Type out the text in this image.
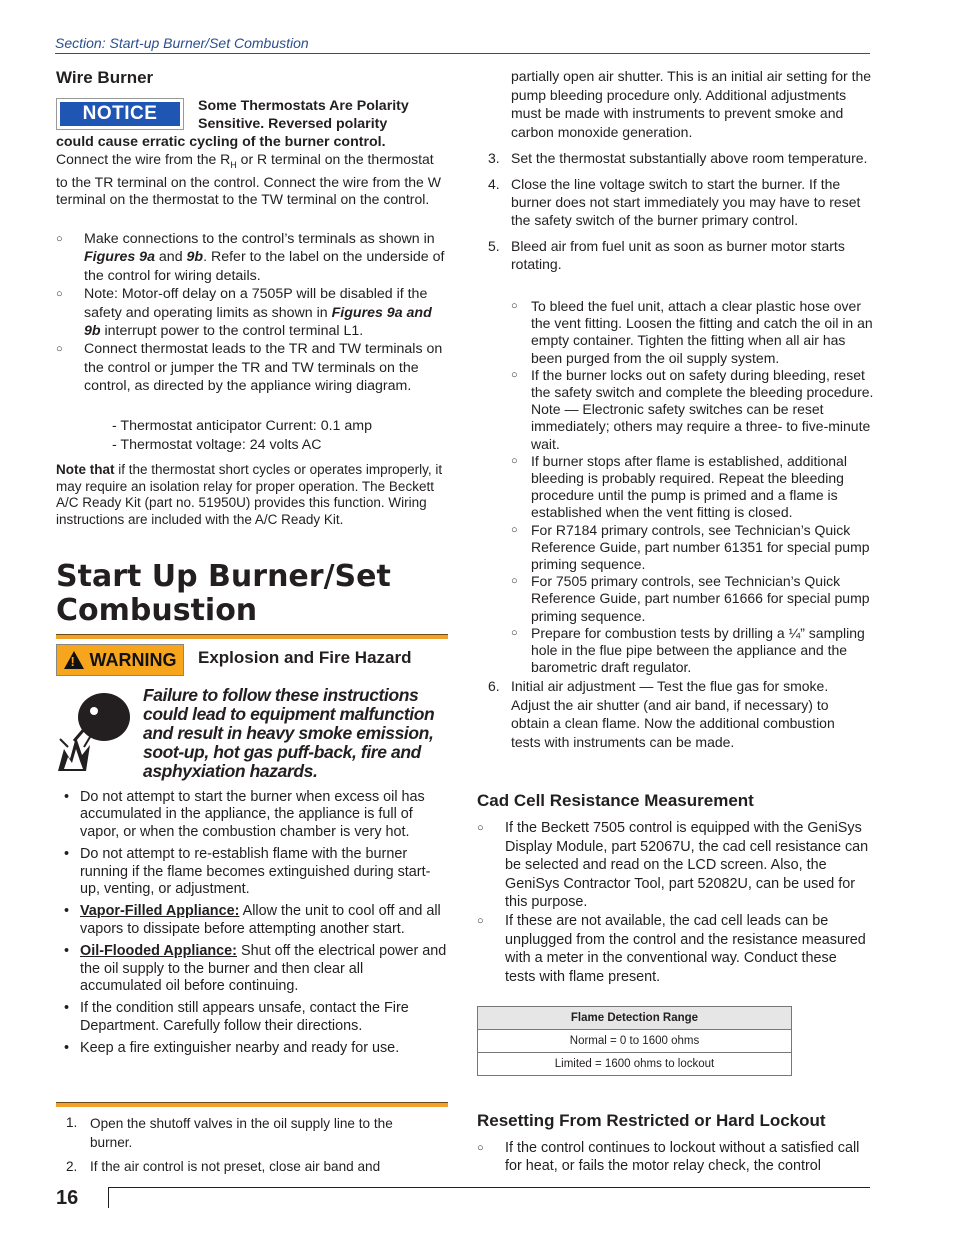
Section: Start-up Burner/Set Combustion
Wire Burner
NOTICE	Some Thermostats Are Polarity
Sensitive. Reversed polarity
could cause erratic cycling of the burner control.
Connect the wire from the $R_H$ or R terminal on the thermostat to the TR terminal on the control. Connect the wire from the W terminal on the thermostat to the TW terminal on the control.
○ Make connections to the control’s terminals as shown in Figures 9a and 9b. Refer to the label on the underside of the control for wiring details.
○ Note: Motor-off delay on a 7505P will be disabled if the safety and operating limits as shown in Figures 9a and 9b interrupt power to the control terminal L1.
○ Connect thermostat leads to the TR and TW terminals on the control or jumper the TR and TW terminals on the control, as directed by the appliance wiring diagram.
- Thermostat anticipator Current: 0.1 amp
- Thermostat voltage: 24 volts AC
Note that if the thermostat short cycles or operates improperly, it may require an isolation relay for proper operation. The Beckett A/C Ready Kit (part no. 51950U) provides this function. Wiring instructions are included with the A/C Ready Kit.
Start Up Burner/Set
Combustion
! WARNING Explosion and Fire Hazard
Failure to follow these instructions could lead to equipment malfunction and result in heavy smoke emission, soot-up, hot gas puff-back, fire and asphyxiation hazards.
• Do not attempt to start the burner when excess oil has accumulated in the appliance, the appliance is full of vapor, or when the combustion chamber is very hot.
• Do not attempt to re-establish flame with the burner running if the flame becomes extinguished during start-up, venting, or adjustment.
• Vapor-Filled Appliance: Allow the unit to cool off and all vapors to dissipate before attempting another start.
• Oil-Flooded Appliance: Shut off the electrical power and the oil supply to the burner and then clear all accumulated oil before continuing.
• If the condition still appears unsafe, contact the Fire Department. Carefully follow their directions.
• Keep a fire extinguisher nearby and ready for use.
1. Open the shutoff valves in the oil supply line to the burner.
2. If the air control is not preset, close air band and
partially open air shutter. This is an initial air setting for the pump bleeding procedure only. Additional adjustments must be made with instruments to prevent smoke and carbon monoxide generation.
3. Set the thermostat substantially above room temperature.
4. Close the line voltage switch to start the burner. If the burner does not start immediately you may have to reset the safety switch of the burner primary control.
5. Bleed air from fuel unit as soon as burner motor starts rotating.
○ To bleed the fuel unit, attach a clear plastic hose over the vent fitting. Loosen the fitting and catch the oil in an empty container. Tighten the fitting when all air has been purged from the oil supply system.
○ If the burner locks out on safety during bleeding, reset the safety switch and complete the bleeding procedure. Note — Electronic safety switches can be reset immediately; others may require a three- to five-minute wait.
○ If burner stops after flame is established, additional bleeding is probably required. Repeat the bleeding procedure until the pump is primed and a flame is established when the vent fitting is closed.
○ For R7184 primary controls, see Technician’s Quick Reference Guide, part number 61351 for special pump priming sequence.
○ For 7505 primary controls, see Technician’s Quick Reference Guide, part number 61666 for special pump priming sequence.
○ Prepare for combustion tests by drilling a ¼” sampling hole in the flue pipe between the appliance and the barometric draft regulator.
6. Initial air adjustment — Test the flue gas for smoke. Adjust the air shutter (and air band, if necessary) to obtain a clean flame. Now the additional combustion tests with instruments can be made.
Cad Cell Resistance Measurement
○ If the Beckett 7505 control is equipped with the GeniSys Display Module, part 52067U, the cad cell resistance can be selected and read on the LCD screen. Also, the GeniSys Contractor Tool, part 52082U, can be used for this purpose.
○ If these are not available, the cad cell leads can be unplugged from the control and the resistance measured with a meter in the conventional way. Conduct these tests with flame present.
Flame Detection Range
Normal = 0 to 1600 ohms
Limited = 1600 ohms to lockout
Resetting From Restricted or Hard Lockout
○ If the control continues to lockout without a satisfied call for heat, or fails the motor relay check, the control
16
